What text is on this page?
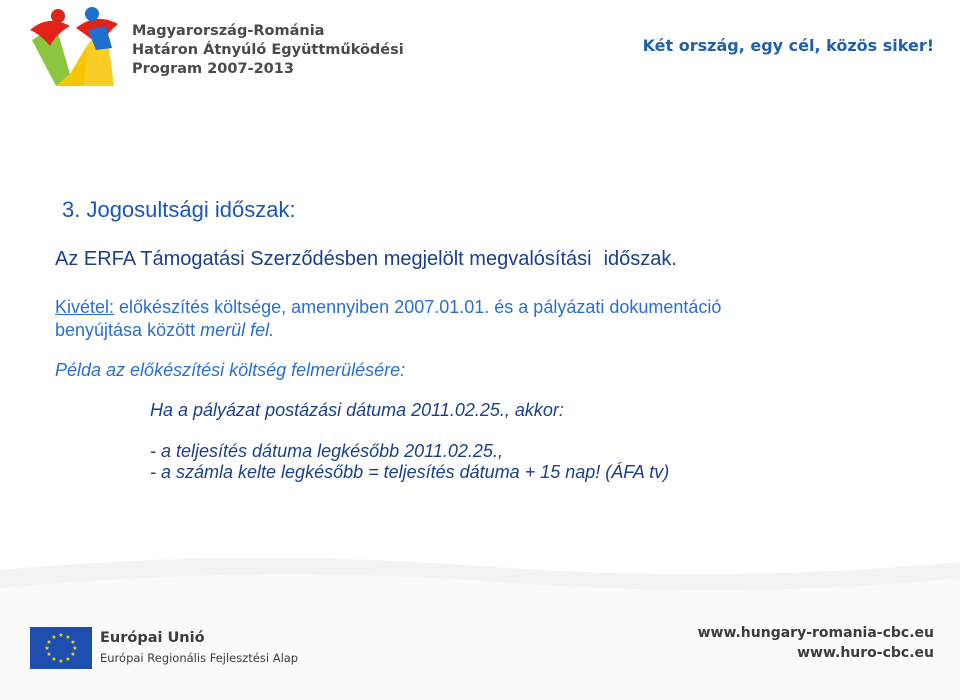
Magyarország-Románia
Határon Átnyúló Együttműködési
Program 2007-2013
Két ország, egy cél, közös siker!
3. Jogosultsági időszak:
Az ERFA Támogatási Szerződésben megjelölt megvalósítási időszak.
Kivétel: előkészítés költsége, amennyiben 2007.01.01. és a pályázati dokumentáció
benyújtása között merül fel.
Példa az előkészítési költség felmerülésére:
Ha a pályázat postázási dátuma 2011.02.25., akkor:
- a teljesítés dátuma legkésőbb 2011.02.25.,
- a számla kelte legkésőbb = teljesítés dátuma + 15 nap! (ÁFA tv)
★ ★
★
★
★
★
★
★
★
★
★
★	Európai Unió
Európai Regionális Fejlesztési Alap
www.hungary-romania-cbc.eu
www.huro-cbc.eu
